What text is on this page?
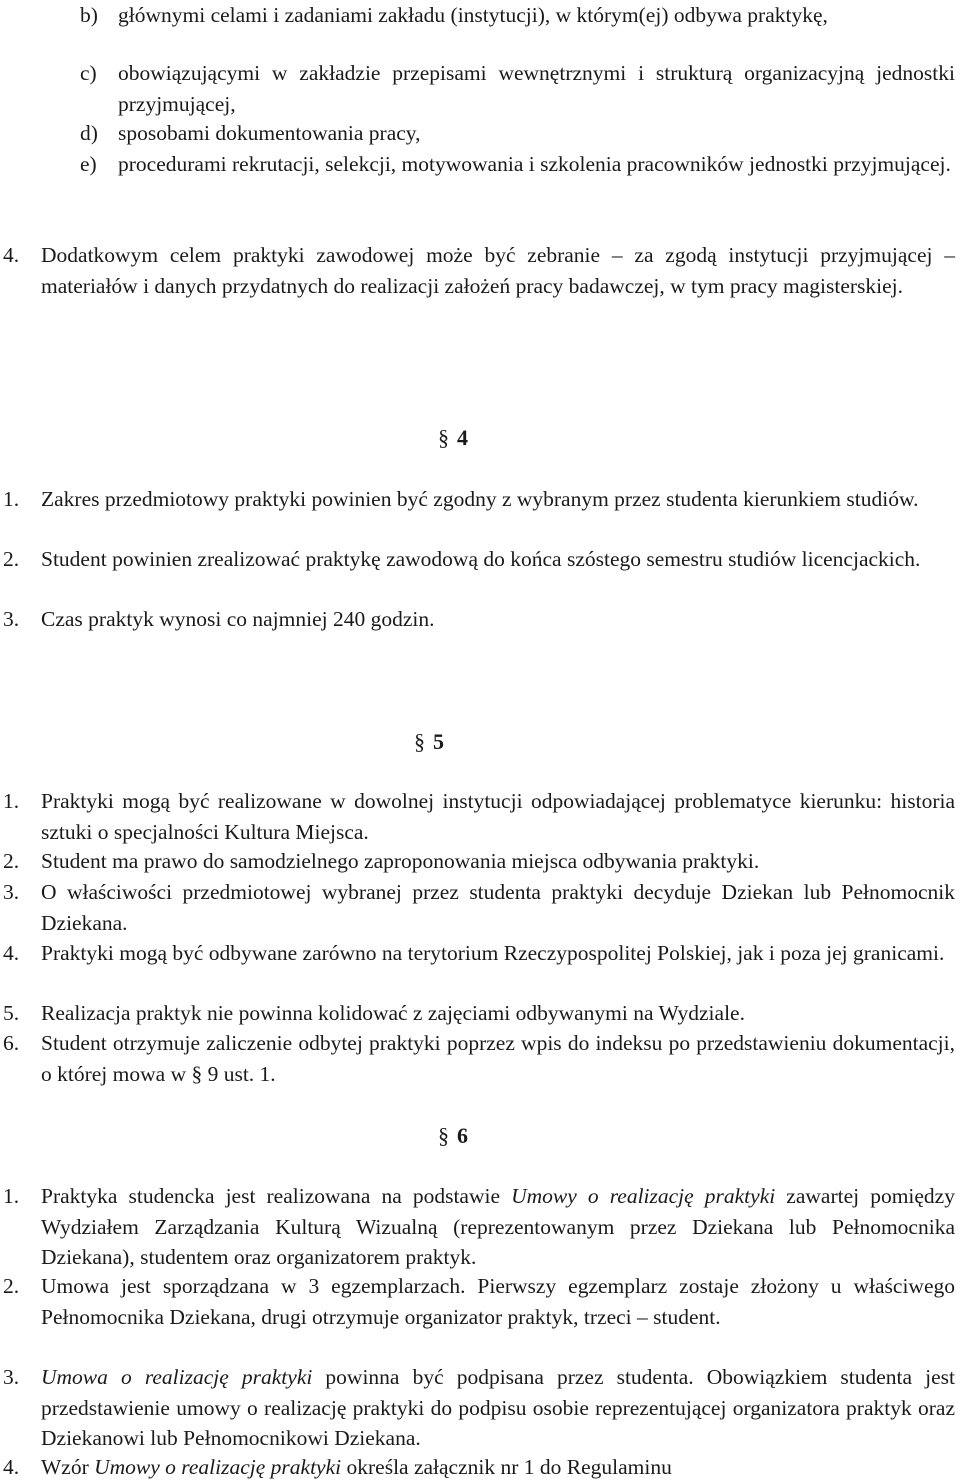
b) głównymi celami i zadaniami zakładu (instytucji), w którym(ej) odbywa praktykę,
c) obowiązującymi w zakładzie przepisami wewnętrznymi i strukturą organizacyjną jednostki przyjmującej,
d) sposobami dokumentowania pracy,
e) procedurami rekrutacji, selekcji, motywowania i szkolenia pracowników jednostki przyjmującej.
4. Dodatkowym celem praktyki zawodowej może być zebranie – za zgodą instytucji przyjmującej – materiałów i danych przydatnych do realizacji założeń pracy badawczej, w tym pracy magisterskiej.
§ 4
1. Zakres przedmiotowy praktyki powinien być zgodny z wybranym przez studenta kierunkiem studiów.
2. Student powinien zrealizować praktykę zawodową do końca szóstego semestru studiów licencjackich.
3. Czas praktyk wynosi co najmniej 240 godzin.
§ 5
1. Praktyki mogą być realizowane w dowolnej instytucji odpowiadającej problematyce kierunku: historia sztuki o specjalności Kultura Miejsca.
2. Student ma prawo do samodzielnego zaproponowania miejsca odbywania praktyki.
3. O właściwości przedmiotowej wybranej przez studenta praktyki decyduje Dziekan lub Pełnomocnik Dziekana.
4. Praktyki mogą być odbywane zarówno na terytorium Rzeczypospolitej Polskiej, jak i poza jej granicami.
5. Realizacja praktyk nie powinna kolidować z zajęciami odbywanymi na Wydziale.
6. Student otrzymuje zaliczenie odbytej praktyki poprzez wpis do indeksu po przedstawieniu dokumentacji, o której mowa w § 9 ust. 1.
§ 6
1. Praktyka studencka jest realizowana na podstawie Umowy o realizację praktyki zawartej pomiędzy Wydziałem Zarządzania Kulturą Wizualną (reprezentowanym przez Dziekana lub Pełnomocnika Dziekana), studentem oraz organizatorem praktyk.
2. Umowa jest sporządzana w 3 egzemplarzach. Pierwszy egzemplarz zostaje złożony u właściwego Pełnomocnika Dziekana, drugi otrzymuje organizator praktyk, trzeci – student.
3. Umowa o realizację praktyki powinna być podpisana przez studenta. Obowiązkiem studenta jest przedstawienie umowy o realizację praktyki do podpisu osobie reprezentującej organizatora praktyk oraz Dziekanowi lub Pełnomocnikowi Dziekana.
4. Wzór Umowy o realizację praktyki określa załącznik nr 1 do Regulaminu
